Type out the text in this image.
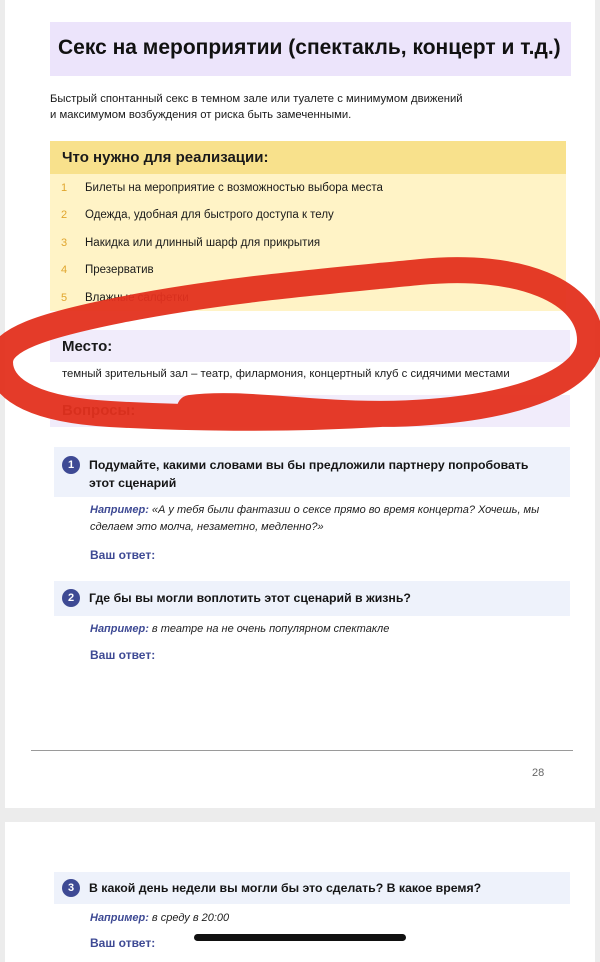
Секс на мероприятии (спектакль, концерт и т.д.)
Быстрый спонтанный секс в темном зале или туалете с минимумом движений
и максимумом возбуждения от риска быть замеченными.
Что нужно для реализации:
1	Билеты на мероприятие с возможностью выбора места
2	Одежда, удобная для быстрого доступа к телу
3	Накидка или длинный шарф для прикрытия
4	Презерватив
5	Влажные салфетки
Место:
темный зрительный зал – театр, филармония, концертный клуб с сидячими местами
Вопросы:
1	Подумайте, какими словами вы бы предложили партнеру попробовать
этот сценарий
Например: «А у тебя были фантазии о сексе прямо во время концерта? Хочешь, мы
сделаем это молча, незаметно, медленно?»
Ваш ответ:
2	Где бы вы могли воплотить этот сценарий в жизнь?
Например: в театре на не очень популярном спектакле
Ваш ответ:
28
3	В какой день недели вы могли бы это сделать? В какое время?
Например: в среду в 20:00
Ваш ответ:
